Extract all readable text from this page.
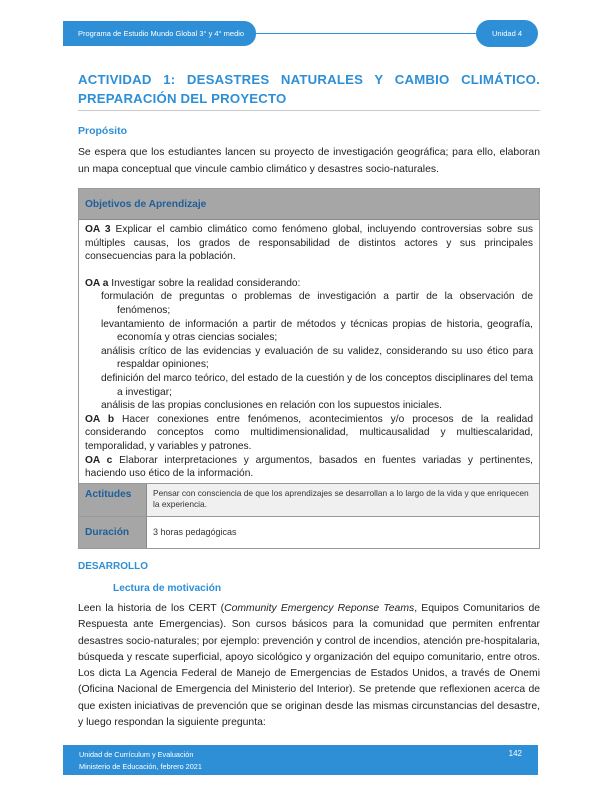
Programa de Estudio Mundo Global 3° y 4° medio	Unidad 4
ACTIVIDAD 1: DESASTRES NATURALES Y CAMBIO CLIMÁTICO. PREPARACIÓN DEL PROYECTO
Propósito
Se espera que los estudiantes lancen su proyecto de investigación geográfica; para ello, elaboran un mapa conceptual que vincule cambio climático y desastres socio-naturales.
Objetivos de Aprendizaje

OA 3 Explicar el cambio climático como fenómeno global, incluyendo controversias sobre sus múltiples causas, los grados de responsabilidad de distintos actores y sus principales consecuencias para la población.

OA a Investigar sobre la realidad considerando:

formulación de preguntas o problemas de investigación a partir de la observación de fenómenos;
levantamiento de información a partir de métodos y técnicas propias de historia, geografía, economía y otras ciencias sociales;
análisis crítico de las evidencias y evaluación de su validez, considerando su uso ético para respaldar opiniones;
definición del marco teórico, del estado de la cuestión y de los conceptos disciplinares del tema a investigar;
análisis de las propias conclusiones en relación con los supuestos iniciales.

OA b Hacer conexiones entre fenómenos, acontecimientos y/o procesos de la realidad considerando conceptos como multidimensionalidad, multicausalidad y multiescalaridad, temporalidad, y variables y patrones.

OA c Elaborar interpretaciones y argumentos, basados en fuentes variadas y pertinentes, haciendo uso ético de la información.

Actitudes	Pensar con consciencia de que los aprendizajes se desarrollan a lo largo de la vida y que enriquecen la experiencia.
Duración	3 horas pedagógicas
DESARROLLO
Lectura de motivación
Leen la historia de los CERT (Community Emergency Reponse Teams, Equipos Comunitarios de Respuesta ante Emergencias). Son cursos básicos para la comunidad que permiten enfrentar desastres socio-naturales; por ejemplo: prevención y control de incendios, atención pre-hospitalaria, búsqueda y rescate superficial, apoyo sicológico y organización del equipo comunitario, entre otros. Los dicta La Agencia Federal de Manejo de Emergencias de Estados Unidos, a través de Onemi (Oficina Nacional de Emergencia del Ministerio del Interior). Se pretende que reflexionen acerca de que existen iniciativas de prevención que se originan desde las mismas circunstancias del desastre, y luego respondan la siguiente pregunta:
Unidad de Currículum y Evaluación
Ministerio de Educación, febrero 2021
142
